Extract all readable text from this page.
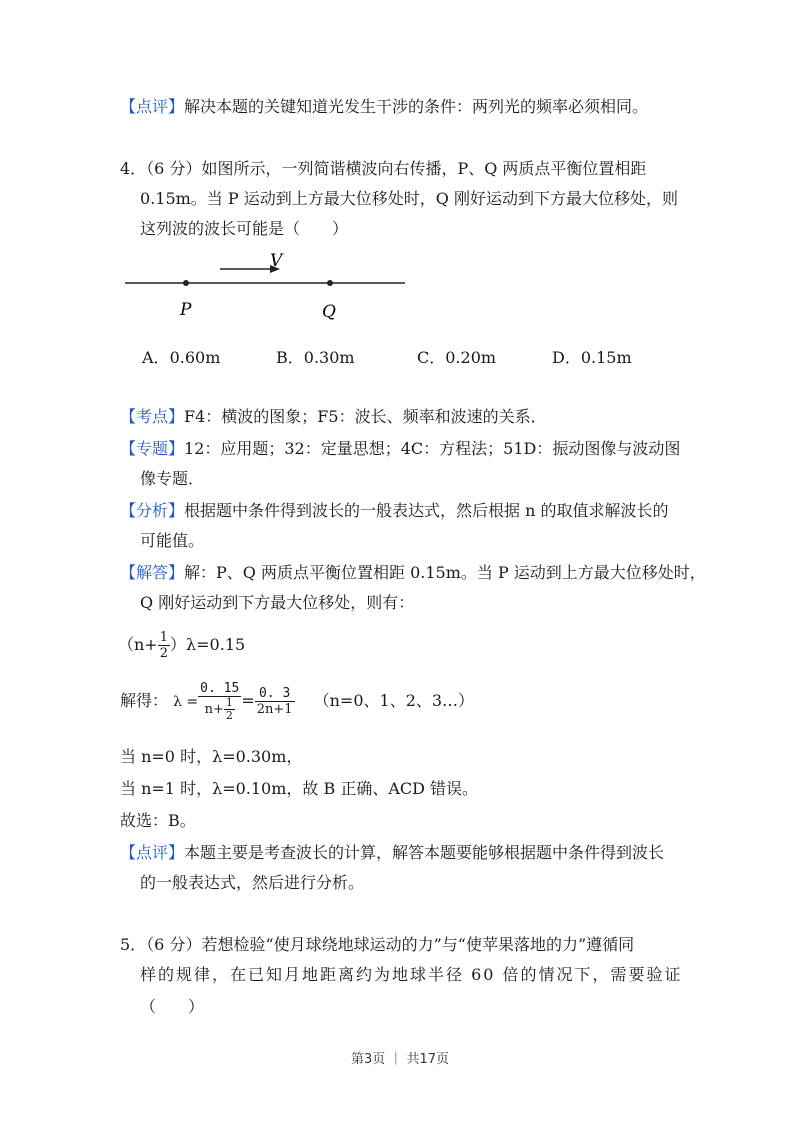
【点评】解决本题的关键知道光发生干涉的条件：两列光的频率必须相同。
4．（6 分）如图所示，一列简谐横波向右传播，P、Q 两质点平衡位置相距
0.15m。当 P 运动到上方最大位移处时，Q 刚好运动到下方最大位移处，则
这列波的波长可能是（　　）
V
P	Q
A．0.60m	B．0.30m	C．0.20m	D．0.15m
【考点】F4：横波的图象；F5：波长、频率和波速的关系．
【专题】12：应用题；32：定量思想；4C：方程法；51D：振动图像与波动图
像专题．
【分析】根据题中条件得到波长的一般表达式，然后根据 n 的取值求解波长的
可能值。
【解答】解：P、Q 两质点平衡位置相距 0.15m。当 P 运动到上方最大位移处时，
Q 刚好运动到下方最大位移处，则有：
$(n+ \frac{1}{2} )\lambda=0.15$
解得： $\lambda = \frac{0. 15}{n+ \frac{1}{2}} = \frac{0. 3}{2n+1} (n=0$、1、2、3…）
当 n=0 时，λ=0.30m，
当 n=1 时，λ=0.10m，故 B 正确、ACD 错误。
故选：B。
【点评】本题主要是考查波长的计算，解答本题要能够根据题中条件得到波长
的一般表达式，然后进行分析。
5．（6 分）若想检验“使月球绕地球运动的力”与“使苹果落地的力”遵循同
样的规律，在已知月地距离约为地球半径 60 倍的情况下，需要验证
（　　）
第3页 ｜ 共17页
